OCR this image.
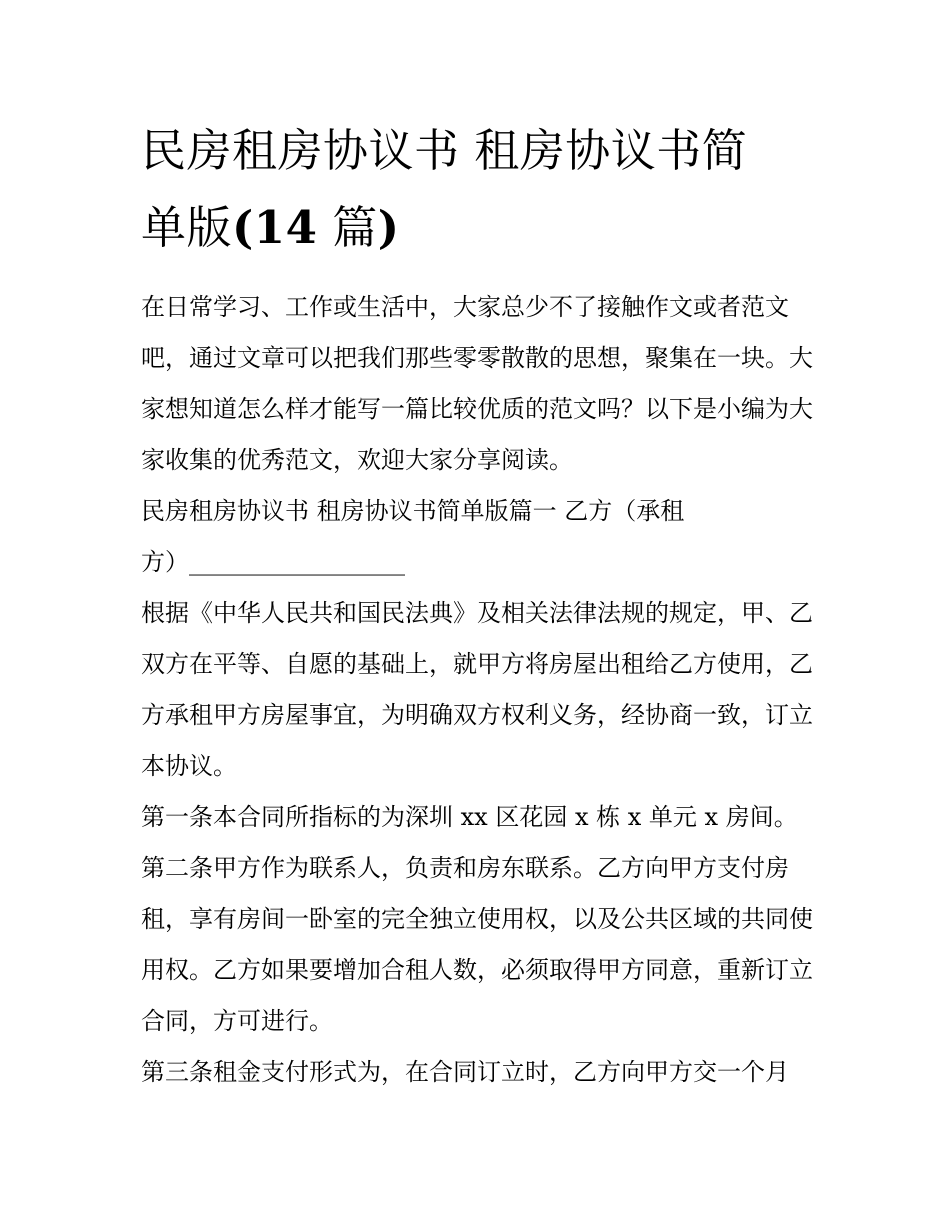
民房租房协议书 租房协议书简
单版(14 篇)

在日常学习、工作或生活中，大家总少不了接触作文或者范文吧，通过文章可以把我们那些零零散散的思想，聚集在一块。大家想知道怎么样才能写一篇比较优质的范文吗？以下是小编为大家收集的优秀范文，欢迎大家分享阅读。

民房租房协议书 租房协议书简单版篇一 乙方（承租

方）__________________

根据《中华人民共和国民法典》及相关法律法规的规定，甲、乙双方在平等、自愿的基础上，就甲方将房屋出租给乙方使用，乙方承租甲方房屋事宜，为明确双方权利义务，经协商一致，订立本协议。

第一条本合同所指标的为深圳 xx 区花园 x 栋 x 单元 x 房间。

第二条甲方作为联系人，负责和房东联系。乙方向甲方支付房租，享有房间一卧室的完全独立使用权，以及公共区域的共同使用权。乙方如果要增加合租人数，必须取得甲方同意，重新订立合同，方可进行。

第三条租金支付形式为，在合同订立时，乙方向甲方交一个月
